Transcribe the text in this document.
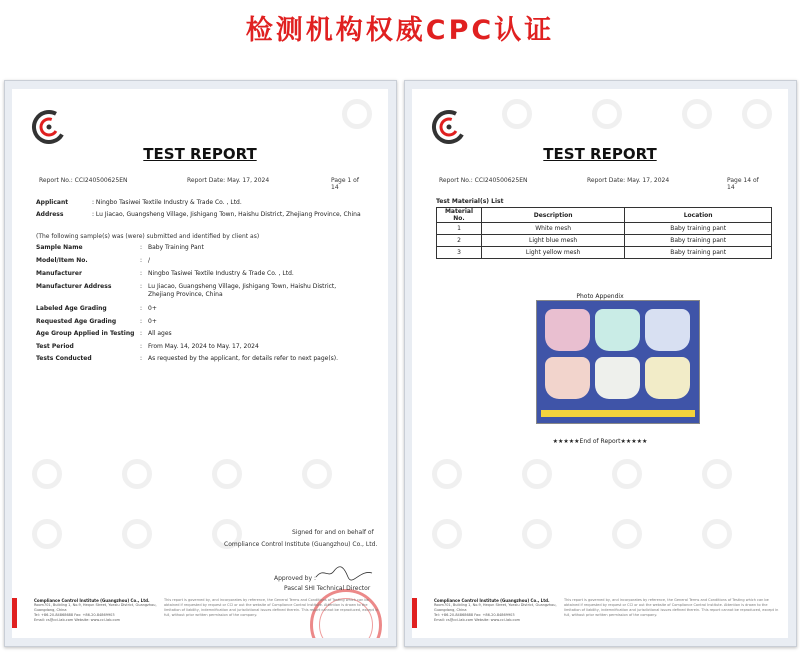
检测机构权威CPC认证
TEST REPORT
Report No.: CCI240500625EN	Report Date: May. 17, 2024	Page 1 of 14
Applicant	: Ningbo Tasiwei Textile Industry & Trade Co. , Ltd.
Address	: Lu Jiacao, Guangsheng Village, Jishigang Town, Haishu District, Zhejiang Province, China
(The following sample(s) was (were) submitted and identified by client as)
Sample Name	: Baby Training Pant
Model/Item No.	: /
Manufacturer	: Ningbo Tasiwei Textile Industry & Trade Co. , Ltd.
Manufacturer Address	: Lu Jiacao, Guangsheng Village, Jishigang Town, Haishu District, Zhejiang Province, China
Labeled Age Grading	: 0+
Requested Age Grading	: 0+
Age Group Applied in Testing : All ages
Test Period	: From May. 14, 2024 to May. 17, 2024
Tests Conducted	: As requested by the applicant, for details refer to next page(s).
Signed for and on behalf of
Compliance Control Institute (Guangzhou) Co., Ltd.
Approved by :
Pascal SHI Technical Director
Compliance Control Institute (Guangzhou) Co., Ltd.
Room701, Building 1, No.9, Hequn Street, Yuexiu District, Guangzhou, Guangdong, China
Tel: +86-20-84868688 Fax: +86-20-84869903
Email: cs@cci-lab.com Website: www.cci-lab.com
This report is governed by, and incorporates by reference, the General Terms and Conditions of Testing which can be obtained if requested by request or CCI or out the website of Compliance Control Institute. Attention is drawn to the limitation of liability, indemnification and jurisdictional issues defined therein. This report cannot be reproduced, except in full, without prior written permission of the company.
TEST REPORT
Report No.: CCI240500625EN	Report Date: May. 17, 2024	Page 14 of 14
Test Material(s) List
Material No.	Description	Location
1	White mesh	Baby training pant
2	Light blue mesh	Baby training pant
3	Light yellow mesh	Baby training pant
Photo Appendix
★★★★★End of Report★★★★★
Compliance Control Institute (Guangzhou) Co., Ltd.
Room701, Building 1, No.9, Hequn Street, Yuexiu District, Guangzhou, Guangdong, China
Tel: +86-20-84868688 Fax: +86-20-84869903
Email: cs@cci-lab.com Website: www.cci-lab.com
This report is governed by, and incorporates by reference, the General Terms and Conditions of Testing which can be obtained if requested by request or CCI or out the website of Compliance Control Institute. Attention is drawn to the limitation of liability, indemnification and jurisdictional issues defined therein. This report cannot be reproduced, except in full, without prior written permission of the company.
